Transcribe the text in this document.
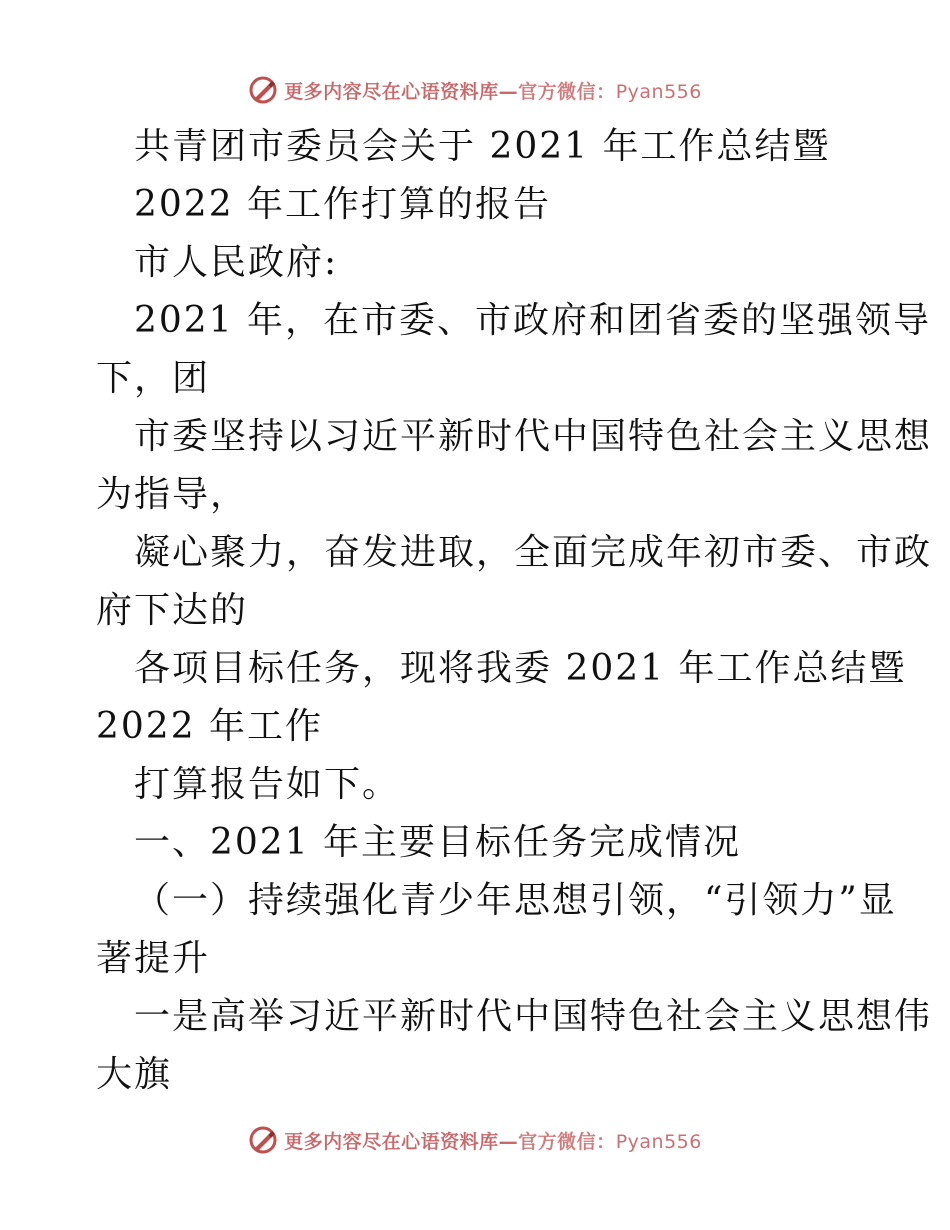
更多内容尽在心语资料库—官方微信：Pyan556
共青团市委员会关于 2021 年工作总结暨
2022 年工作打算的报告
市人民政府:
2021 年，在市委、市政府和团省委的坚强领导
下，团
市委坚持以习近平新时代中国特色社会主义思想
为指导，
凝心聚力，奋发进取，全面完成年初市委、市政
府下达的
各项目标任务，现将我委 2021 年工作总结暨
2022 年工作
打算报告如下。
一、2021 年主要目标任务完成情况
（一）持续强化青少年思想引领，“引领力”显
著提升
一是高举习近平新时代中国特色社会主义思想伟
大旗
更多内容尽在心语资料库—官方微信：Pyan556
